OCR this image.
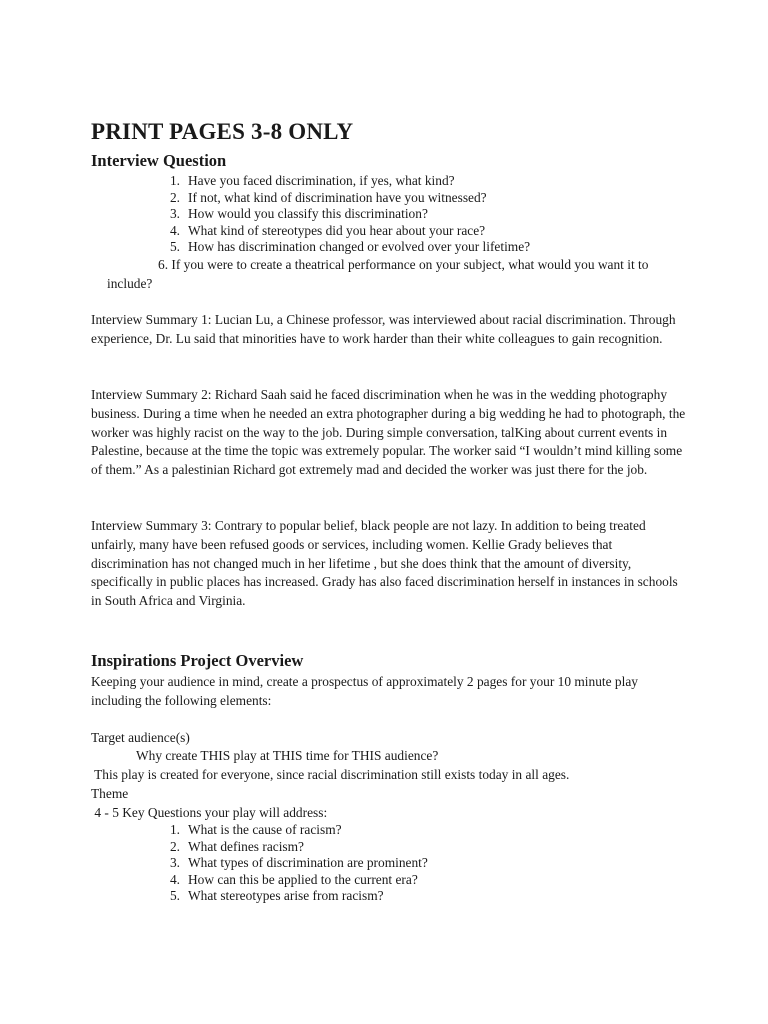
PRINT PAGES 3-8 ONLY
Interview Question
1. Have you faced discrimination, if yes, what kind?
2. If not, what kind of discrimination have you witnessed?
3. How would you classify this discrimination?
4. What kind of stereotypes did you hear about your race?
5. How has discrimination changed or evolved over your lifetime?

6. If you were to create a theatrical performance on your subject, what would you want it to include?

Interview Summary 1: Lucian Lu, a Chinese professor, was interviewed about racial discrimination. Through experience, Dr. Lu said that minorities have to work harder than their white colleagues to gain recognition.

Interview Summary 2: Richard Saah said he faced discrimination when he was in the wedding photography business. During a time when he needed an extra photographer during a big wedding he had to photograph, the worker was highly racist on the way to the job. During simple conversation, talKing about current events in Palestine, because at the time the topic was extremely popular. The worker said “I wouldn’t mind killing some of them.” As a palestinian Richard got extremely mad and decided the worker was just there for the job.

Interview Summary 3: Contrary to popular belief, black people are not lazy. In addition to being treated unfairly, many have been refused goods or services, including women. Kellie Grady believes that discrimination has not changed much in her lifetime , but she does think that the amount of diversity, specifically in public places has increased. Grady has also faced discrimination herself in instances in schools in South Africa and Virginia.

Inspirations Project Overview

Keeping your audience in mind, create a prospectus of approximately 2 pages for your 10 minute play including the following elements:

Target audience(s)

Why create THIS play at THIS time for THIS audience?

This play is created for everyone, since racial discrimination still exists today in all ages.

Theme

4 - 5 Key Questions your play will address:

1. What is the cause of racism?
2. What defines racism?
3. What types of discrimination are prominent?
4. How can this be applied to the current era?
5. What stereotypes arise from racism?
